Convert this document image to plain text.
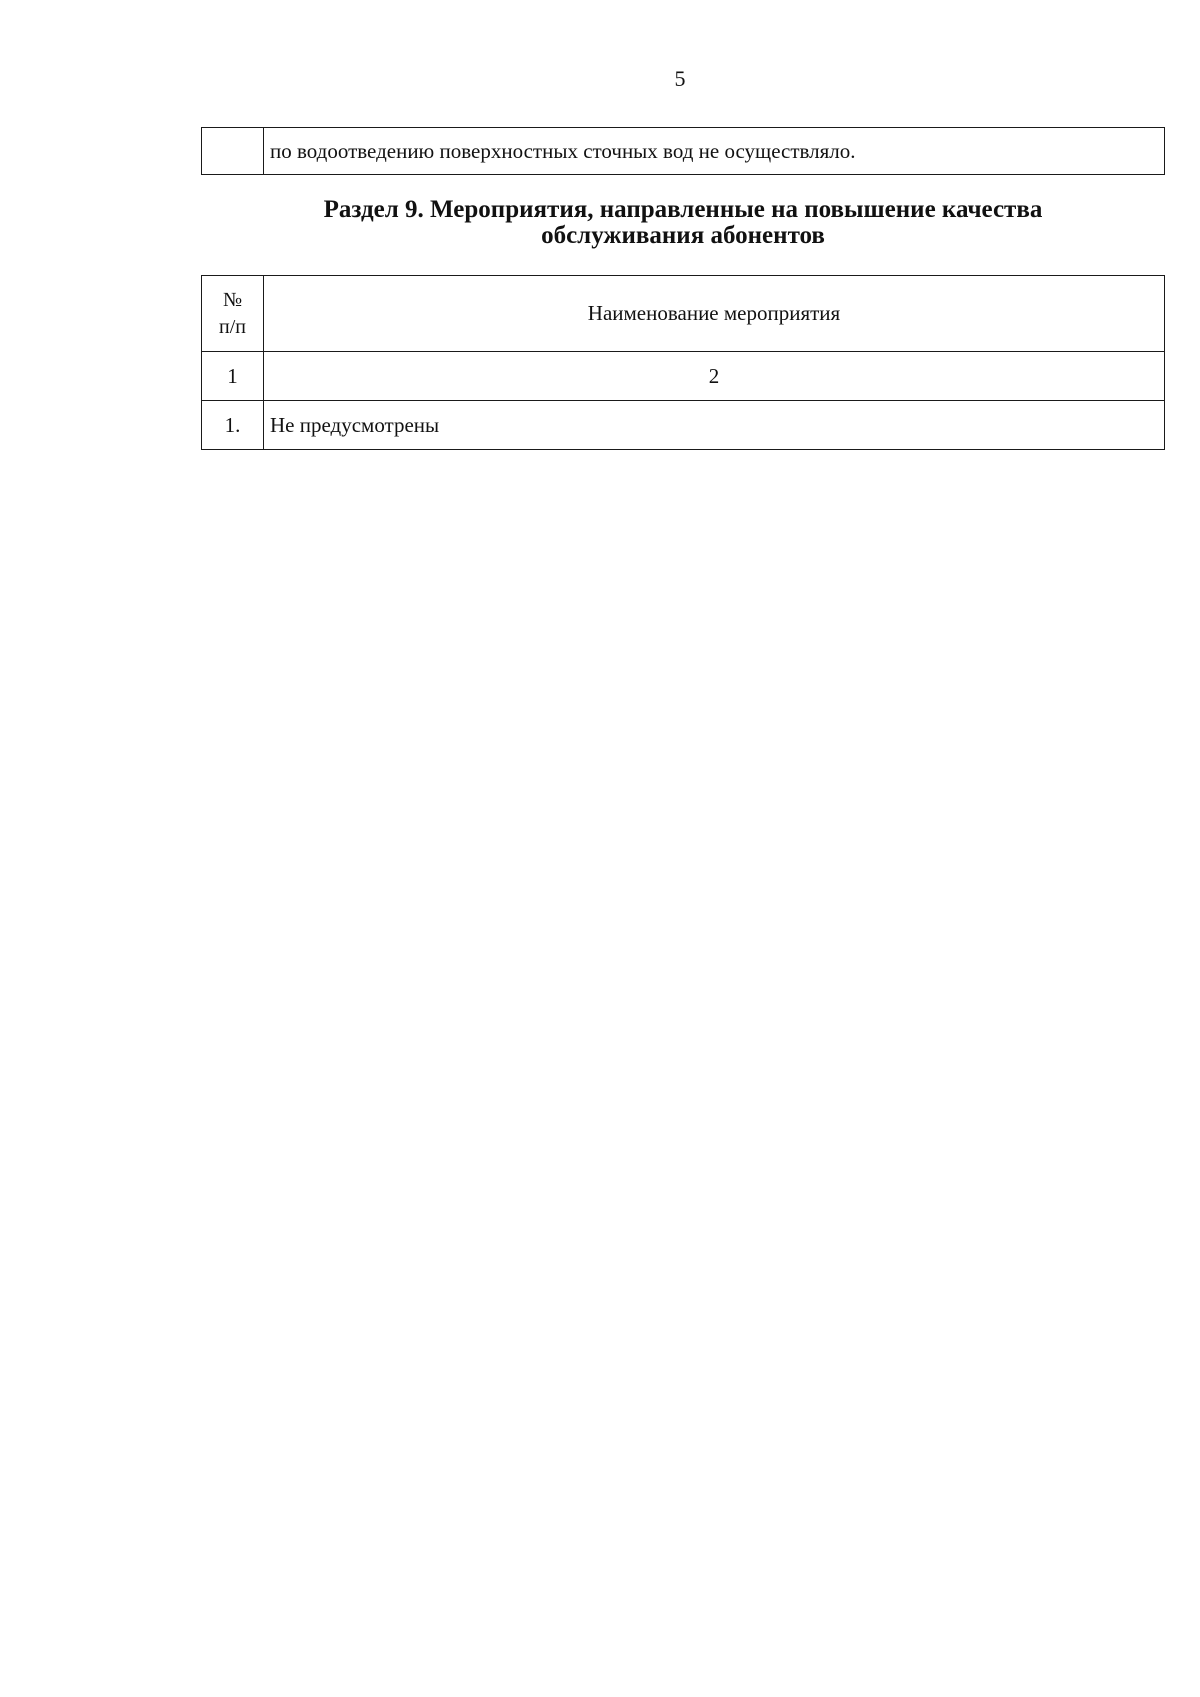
5
	по водоотведению поверхностных сточных вод не осуществляло.
Раздел 9. Мероприятия, направленные на повышение качества
обслуживания абонентов
№
п/п	Наименование мероприятия
1	2
1.	Не предусмотрены
